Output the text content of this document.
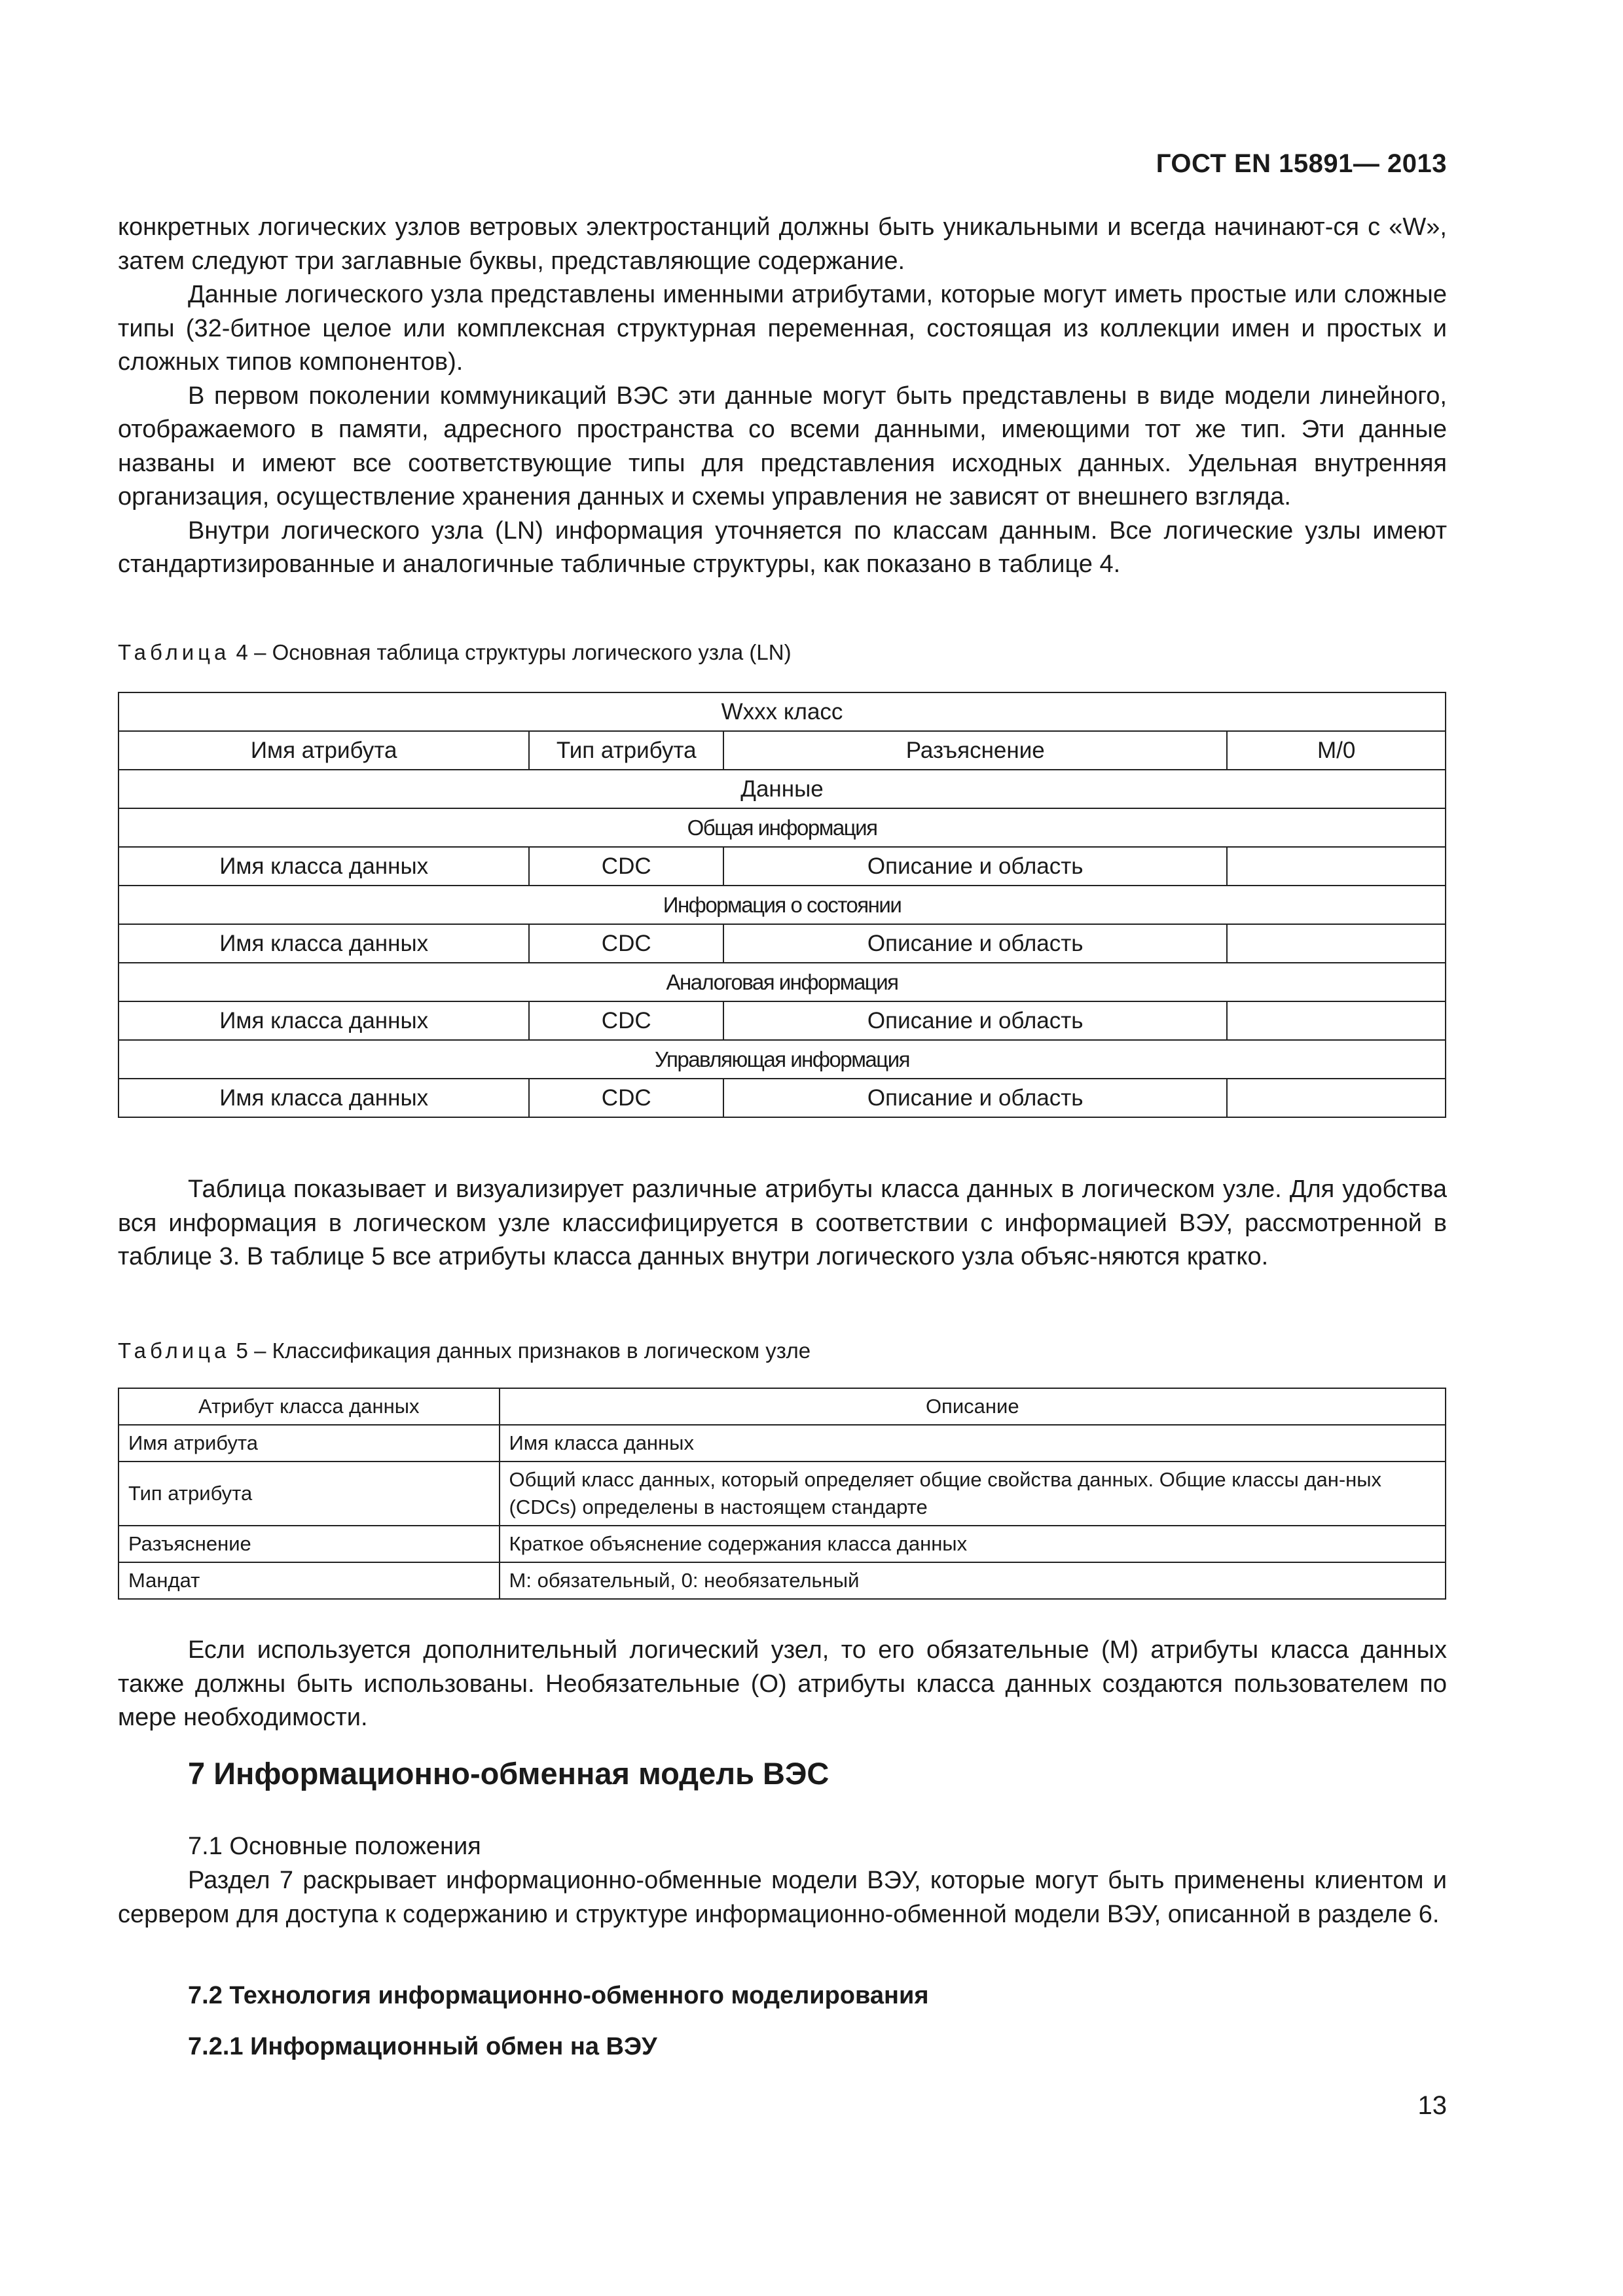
ГОСТ EN 15891— 2013

конкретных логических узлов ветровых электростанций должны быть уникальными и всегда начинают-ся с «W», затем следуют три заглавные буквы, представляющие содержание.

Данные логического узла представлены именными атрибутами, которые могут иметь простые или сложные типы (32-битное целое или комплексная структурная переменная, состоящая из коллекции имен и простых и сложных типов компонентов).

В первом поколении коммуникаций ВЭС эти данные могут быть представлены в виде модели линейного, отображаемого в памяти, адресного пространства со всеми данными, имеющими тот же тип. Эти данные названы и имеют все соответствующие типы для представления исходных данных. Удельная внутренняя организация, осуществление хранения данных и схемы управления не зависят от внешнего взгляда.

Внутри логического узла (LN) информация уточняется по классам данным. Все логические узлы имеют стандартизированные и аналогичные табличные структуры, как показано в таблице 4.

Таблица 4 – Основная таблица структуры логического узла (LN)
Wxxx класс			
Имя атрибута	Тип атрибута	Разъяснение	M/0
Данные			
Общая информация			
Имя класса данных	CDC	Описание и область	
Информация о состоянии			
Имя класса данных	CDC	Описание и область	
Аналоговая информация			
Имя класса данных	CDC	Описание и область	
Управляющая информация			
Имя класса данных	CDC	Описание и область	

Таблица показывает и визуализирует различные атрибуты класса данных в логическом узле. Для удобства вся информация в логическом узле классифицируется в соответствии с информацией ВЭУ, рассмотренной в таблице 3. В таблице 5 все атрибуты класса данных внутри логического узла объяс-няются кратко.

Таблица 5 – Классификация данных признаков в логическом узле
Атрибут класса данных	Описание
Имя атрибута	Имя класса данных
Тип атрибута	Общий класс данных, который определяет общие свойства данных. Общие классы дан-ных (CDCs) определены в настоящем стандарте
Разъяснение	Краткое объяснение содержания класса данных
Мандат	М: обязательный, 0: необязательный

Если используется дополнительный логический узел, то его обязательные (М) атрибуты класса данных также должны быть использованы. Необязательные (О) атрибуты класса данных создаются пользователем по мере необходимости.

7 Информационно-обменная модель ВЭС
7.1 Основные положения

Раздел 7 раскрывает информационно-обменные модели ВЭУ, которые могут быть применены клиентом и сервером для доступа к содержанию и структуре информационно-обменной модели ВЭУ, описанной в разделе 6.

7.2 Технология информационно-обменного моделирования
7.2.1 Информационный обмен на ВЭУ
13
